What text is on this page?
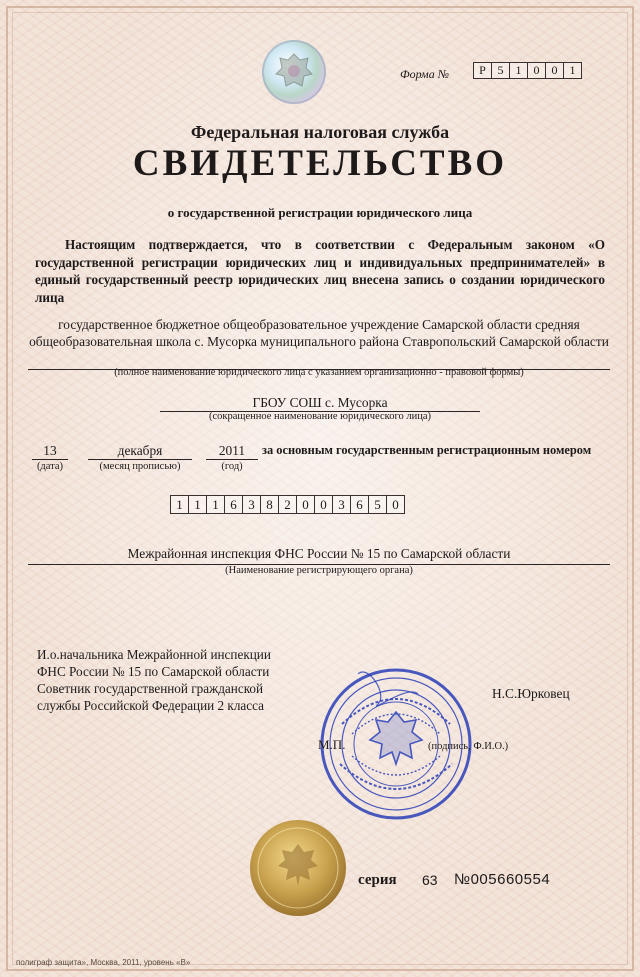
Форма №	Р 5	1	0	0	1
Федеральная налоговая служба
СВИДЕТЕЛЬСТВО
о государственной регистрации юридического лица
Настоящим подтверждается, что в соответствии с Федеральным законом «О государственной регистрации юридических лиц и индивидуальных предпринимателей» в единый государственный реестр юридических лиц внесена запись о создании юридического лица
государственное бюджетное общеобразовательное учреждение Самарской области средняя общеобразовательная школа с. Мусорка муниципального района Ставропольский Самарской области
(полное наименование юридического лица с указанием организационно - правовой формы)
ГБОУ СОШ с. Мусорка
(сокращенное наименование юридического лица)
13
(дата)
декабря
(месяц прописью)
2011
(год)
за основным государственным регистрационным номером
1 1 1 6 3 8 2 0 0 3 6 5 0
Межрайонная инспекция ФНС России № 15 по Самарской области
(Наименование регистрирующего органа)
И.о.начальника Межрайонной инспекции
ФНС России № 15 по Самарской области
Советник государственной гражданской
службы Российской Федерации 2 класса
Н.С.Юрковец
М.П.	(подпись, Ф.И.О.)
серия 63 №005660554
полиграф защита», Москва, 2011, уровень «В»
